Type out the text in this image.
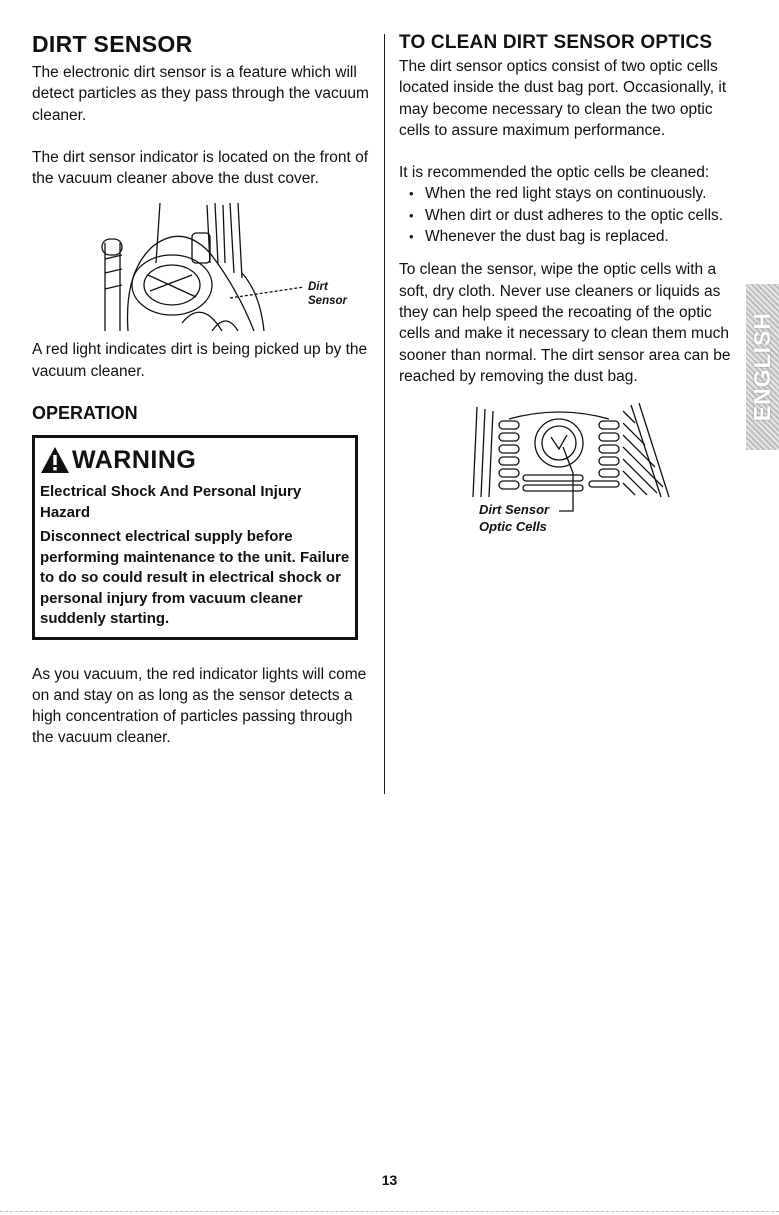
DIRT SENSOR

The electronic dirt sensor is a feature which will detect particles as they pass through the vacuum cleaner.

The dirt sensor indicator is located on the front of the vacuum cleaner above the dust cover.

Dirt
Sensor

A red light indicates dirt is being picked up by the vacuum cleaner.

OPERATION
WARNING

Electrical Shock And Personal Injury Hazard

Disconnect electrical supply before performing maintenance to the unit. Failure to do so could result in electrical shock or personal injury from vacuum cleaner suddenly starting.

As you vacuum, the red indicator lights will come on and stay on as long as the sensor detects a high concentration of particles passing through the vacuum cleaner.

TO CLEAN DIRT SENSOR OPTICS

The dirt sensor optics consist of two optic cells located inside the dust bag port. Occasionally, it may become necessary to clean the two optic cells to assure maximum performance.

It is recommended the optic cells be cleaned:

• When the red light stays on continuously.
• When dirt or dust adheres to the optic cells.
• Whenever the dust bag is replaced.

To clean the sensor, wipe the optic cells with a soft, dry cloth. Never use cleaners or liquids as they can help speed the recoating of the optic cells and make it necessary to clean them much sooner than normal. The dirt sensor area can be reached by removing the dust bag.

Dirt Sensor
Optic Cells
ENGLISH
13
